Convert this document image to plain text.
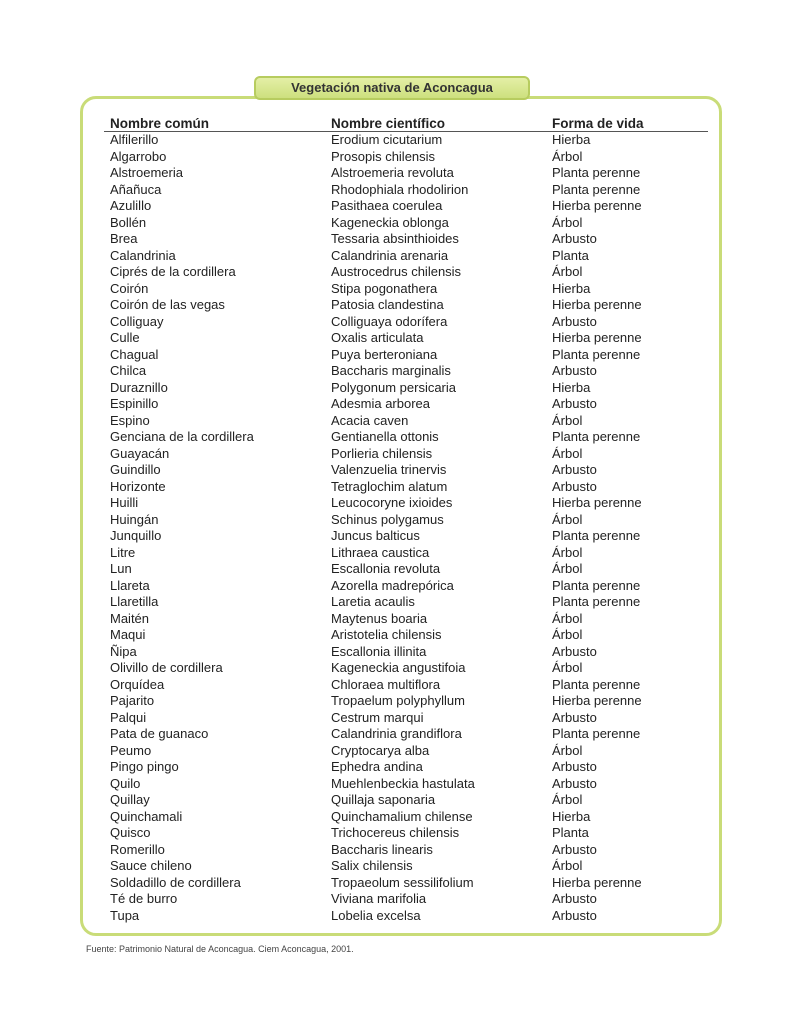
Vegetación nativa de Aconcagua
Nombre común	Nombre científico	Forma de vida
Alfilerillo	Erodium cicutarium	Hierba
Algarrobo	Prosopis chilensis	Árbol
Alstroemeria	Alstroemeria revoluta	Planta perenne
Añañuca	Rhodophiala rhodolirion	Planta perenne
Azulillo	Pasithaea coerulea	Hierba perenne
Bollén	Kageneckia oblonga	Árbol
Brea	Tessaria absinthioides	Arbusto
Calandrinia	Calandrinia arenaria	Planta
Ciprés de la cordillera	Austrocedrus chilensis	Árbol
Coirón	Stipa pogonathera	Hierba
Coirón de las vegas	Patosia clandestina	Hierba perenne
Colliguay	Colliguaya odorífera	Arbusto
Culle	Oxalis articulata	Hierba perenne
Chagual	Puya berteroniana	Planta perenne
Chilca	Baccharis marginalis	Arbusto
Duraznillo	Polygonum persicaria	Hierba
Espinillo	Adesmia arborea	Arbusto
Espino	Acacia caven	Árbol
Genciana de la cordillera	Gentianella ottonis	Planta perenne
Guayacán	Porlieria chilensis	Árbol
Guindillo	Valenzuelia trinervis	Arbusto
Horizonte	Tetraglochim alatum	Arbusto
Huilli	Leucocoryne ixioides	Hierba perenne
Huingán	Schinus polygamus	Árbol
Junquillo	Juncus balticus	Planta perenne
Litre	Lithraea caustica	Árbol
Lun	Escallonia revoluta	Árbol
Llareta	Azorella madrepórica	Planta perenne
Llaretilla	Laretia acaulis	Planta perenne
Maitén	Maytenus boaria	Árbol
Maqui	Aristotelia chilensis	Árbol
Ñipa	Escallonia illinita	Arbusto
Olivillo de cordillera	Kageneckia angustifoia	Árbol
Orquídea	Chloraea multiflora	Planta perenne
Pajarito	Tropaelum polyphyllum	Hierba perenne
Palqui	Cestrum marqui	Arbusto
Pata de guanaco	Calandrinia grandiflora	Planta perenne
Peumo	Cryptocarya alba	Árbol
Pingo pingo	Ephedra andina	Arbusto
Quilo	Muehlenbeckia hastulata	Arbusto
Quillay	Quillaja saponaria	Árbol
Quinchamali	Quinchamalium chilense	Hierba
Quisco	Trichocereus chilensis	Planta
Romerillo	Baccharis linearis	Arbusto
Sauce chileno	Salix chilensis	Árbol
Soldadillo de cordillera	Tropaeolum sessilifolium	Hierba perenne
Té de burro	Viviana marifolia	Arbusto
Tupa	Lobelia excelsa	Arbusto
Fuente: Patrimonio Natural de Aconcagua. Ciem Aconcagua, 2001.
